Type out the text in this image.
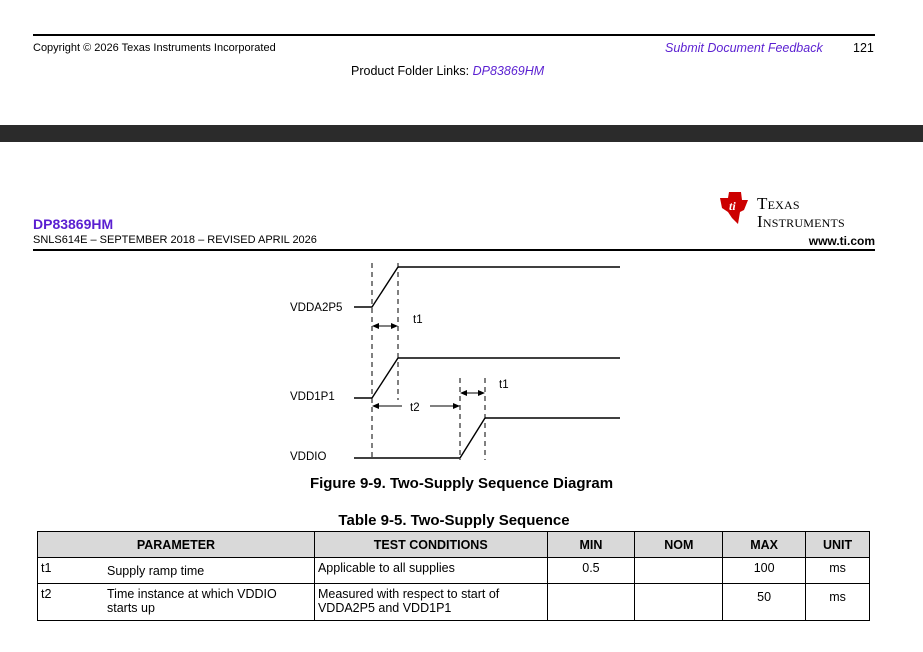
Copyright © 2026 Texas Instruments Incorporated	Submit Document Feedback 121
Product Folder Links: DP83869HM
DP83869HM
SNLS614E – SEPTEMBER 2018 – REVISED APRIL 2026
ti Texas
Instruments
www.ti.com
VDDA2P5
VDD1P1
VDDIO
t1
t2
t1
Figure 9-9. Two-Supply Sequence Diagram
Table 9-5. Two-Supply Sequence
PARAMETER	TEST CONDITIONS	MIN	NOM	MAX	UNIT

t1 Supply ramp time	Applicable to all supplies	0.5		100	ms

t2 Time instance at which VDDIO starts up	Measured with respect to start of VDDA2P5 and VDD1P1			50	ms
